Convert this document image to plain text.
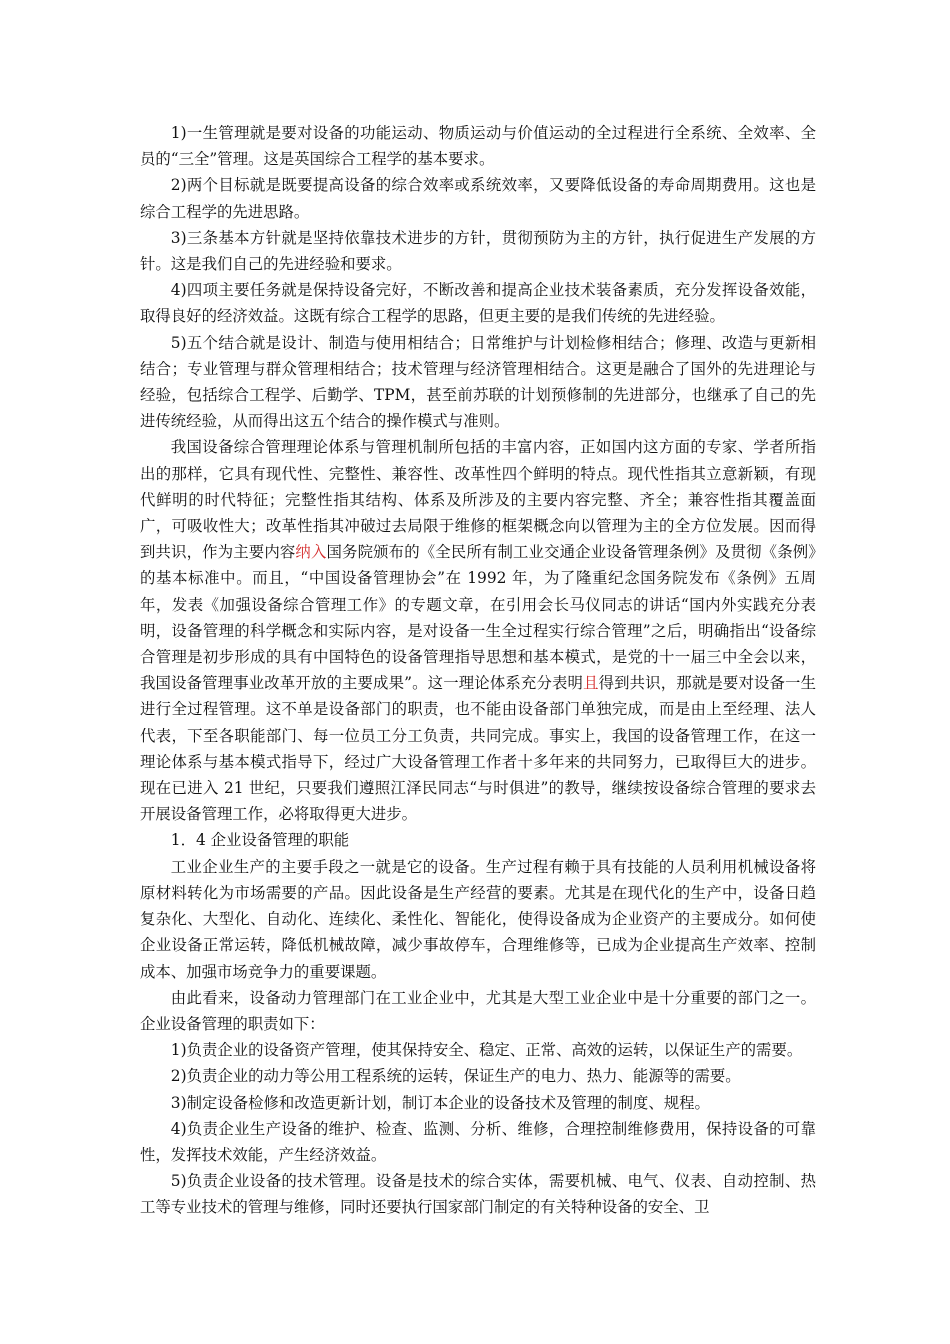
1)一生管理就是要对设备的功能运动、物质运动与价值运动的全过程进行全系统、全效率、全员的“三全”管理。这是英国综合工程学的基本要求。

2)两个目标就是既要提高设备的综合效率或系统效率，又要降低设备的寿命周期费用。这也是综合工程学的先进思路。

3)三条基本方针就是坚持依靠技术进步的方针，贯彻预防为主的方针，执行促进生产发展的方针。这是我们自己的先进经验和要求。

4)四项主要任务就是保持设备完好，不断改善和提高企业技术装备素质，充分发挥设备效能，取得良好的经济效益。这既有综合工程学的思路，但更主要的是我们传统的先进经验。

5)五个结合就是设计、制造与使用相结合；日常维护与计划检修相结合；修理、改造与更新相结合；专业管理与群众管理相结合；技术管理与经济管理相结合。这更是融合了国外的先进理论与经验，包括综合工程学、后勤学、TPM，甚至前苏联的计划预修制的先进部分，也继承了自己的先进传统经验，从而得出这五个结合的操作模式与准则。

我国设备综合管理理论体系与管理机制所包括的丰富内容，正如国内这方面的专家、学者所指出的那样，它具有现代性、完整性、兼容性、改革性四个鲜明的特点。现代性指其立意新颖，有现代鲜明的时代特征；完整性指其结构、体系及所涉及的主要内容完整、齐全；兼容性指其覆盖面广，可吸收性大；改革性指其冲破过去局限于维修的框架概念向以管理为主的全方位发展。因而得到共识，作为主要内容纳入国务院颁布的《全民所有制工业交通企业设备管理条例》及贯彻《条例》的基本标准中。而且，“中国设备管理协会”在 1992 年，为了隆重纪念国务院发布《条例》五周年，发表《加强设备综合管理工作》的专题文章，在引用会长马仪同志的讲话“国内外实践充分表明，设备管理的科学概念和实际内容，是对设备一生全过程实行综合管理”之后，明确指出“设备综合管理是初步形成的具有中国特色的设备管理指导思想和基本模式，是党的十一届三中全会以来，我国设备管理事业改革开放的主要成果”。这一理论体系充分表明且得到共识，那就是要对设备一生进行全过程管理。这不单是设备部门的职责，也不能由设备部门单独完成，而是由上至经理、法人代表，下至各职能部门、每一位员工分工负责，共同完成。事实上，我国的设备管理工作，在这一理论体系与基本模式指导下，经过广大设备管理工作者十多年来的共同努力，已取得巨大的进步。现在已进入 21 世纪，只要我们遵照江泽民同志“与时俱进”的教导，继续按设备综合管理的要求去开展设备管理工作，必将取得更大进步。

1．4 企业设备管理的职能

工业企业生产的主要手段之一就是它的设备。生产过程有赖于具有技能的人员利用机械设备将原材料转化为市场需要的产品。因此设备是生产经营的要素。尤其是在现代化的生产中，设备日趋复杂化、大型化、自动化、连续化、柔性化、智能化，使得设备成为企业资产的主要成分。如何使企业设备正常运转，降低机械故障，减少事故停车，合理维修等，已成为企业提高生产效率、控制成本、加强市场竞争力的重要课题。

由此看来，设备动力管理部门在工业企业中，尤其是大型工业企业中是十分重要的部门之一。企业设备管理的职责如下：

1)负责企业的设备资产管理，使其保持安全、稳定、正常、高效的运转，以保证生产的需要。

2)负责企业的动力等公用工程系统的运转，保证生产的电力、热力、能源等的需要。

3)制定设备检修和改造更新计划，制订本企业的设备技术及管理的制度、规程。

4)负责企业生产设备的维护、检查、监测、分析、维修，合理控制维修费用，保持设备的可靠性，发挥技术效能，产生经济效益。

5)负责企业设备的技术管理。设备是技术的综合实体，需要机械、电气、仪表、自动控制、热工等专业技术的管理与维修，同时还要执行国家部门制定的有关特种设备的安全、卫
